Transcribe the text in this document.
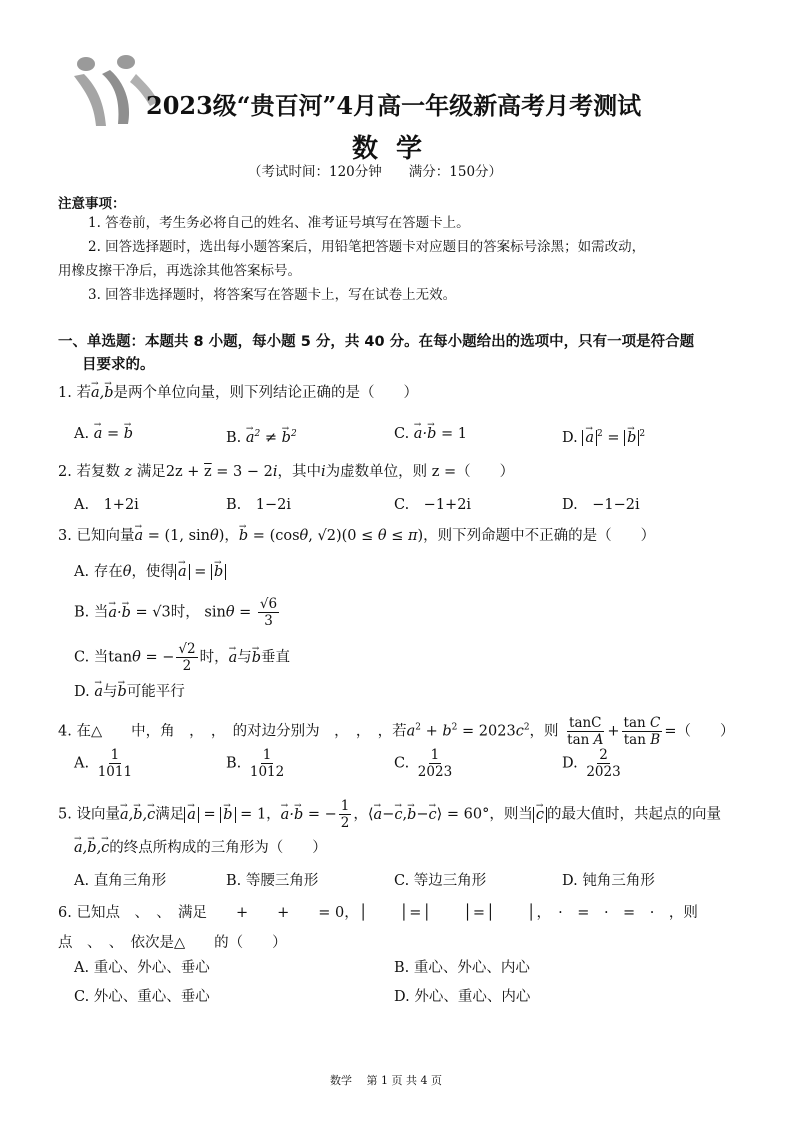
2023级“贵百河”4月高一年级新高考月考测试
数学
（考试时间：120分钟　　满分：150分）
注意事项：
1. 答卷前，考生务必将自己的姓名、准考证号填写在答题卡上。
2. 回答选择题时，选出每小题答案后，用铅笔把答题卡对应题目的答案标号涂黑；如需改动，
用橡皮擦干净后，再选涂其他答案标号。
3. 回答非选择题时，将答案写在答题卡上，写在试卷上无效。
一、单选题：本题共 8 小题，每小题 5 分，共 40 分。在每小题给出的选项中，只有一项是符合题
目要求的。
1. 若→ a,→ b是两个单位向量，则下列结论正确的是（　　）
A. → a = → b	B. → $a^2$ ≠ → $b^2$	C. → a·→ b = 1	D. → a $^2$ = → b $^2$
2. 若复数 z 满足$2z + \overline{z} = 3 - 2i$，其中i为虚数单位，则 z =（　　）
A.　1+2i	B.　1−2i	C.　−1+2i	D.　−1−2i
3. 已知向量→ a = (1, sinθ)，→ b = (cosθ, √2)(0 ≤ θ ≤ π)，则下列命题中不正确的是（　　）
A. 存在θ，使得 → a = → b
B. 当→ a·→ b = √3时， $\sin\theta = \frac{√6}{3}$
C. 当tanθ = − $\frac{√2}{2}$ 时，→ a与→ b垂直
D. → a与→ b可能平行
4. 在△　　 中，角　 ，　 ，　 的对边分别为　 ，　 ，　 ，若$a^2 + b^2 = 2023c^2$，则 $\frac{\tan C}{\text{tan A}} + \frac{\text{tan C}}{\text{tan B}}$ =（　　）
A. $\frac{1}{1011}$	B. $\frac{1}{1012}$	C. $\frac{1}{2023}$	D. $\frac{2}{2023}$
5. 设向量→ a,→ b,→ c满足 → a = → b = 1，→ a·→ b = − $\frac{1}{2}$ ，⟨→ a−→ c,→ b−→ c⟩ = 60°，则当 → c 的最大值时，共起点的向量
→ a,→ b,→ c的终点所构成的三角形为（　　）
A. 直角三角形	B. 等腰三角形	C. 等边三角形	D. 钝角三角形
6. 已知点　、　、　满足　　 +　　+　　= 0，│　　│=│　　│=│　　│，　·　=　·　=　·　，则
点　、　、　依次是△　　的（　　）
A. 重心、外心、垂心	B. 重心、外心、内心
C. 外心、重心、垂心	D. 外心、重心、内心
数学　 第 1 页 共 4 页
